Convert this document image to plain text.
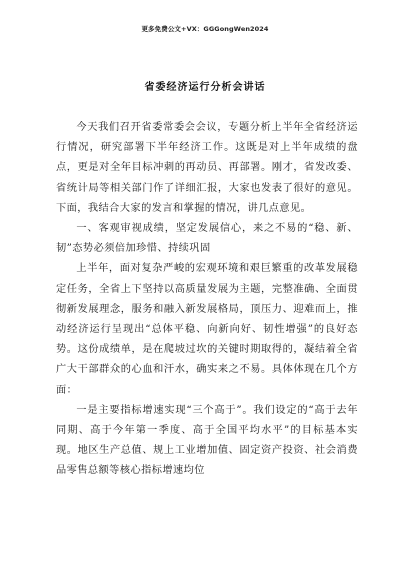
更多免费公文+VX：GGGongWen2024
省委经济运行分析会讲话

今天我们召开省委常委会会议，专题分析上半年全省经济运行情况，研究部署下半年经济工作。这既是对上半年成绩的盘点，更是对全年目标冲刺的再动员、再部署。刚才，省发改委、省统计局等相关部门作了详细汇报，大家也发表了很好的意见。下面，我结合大家的发言和掌握的情况，讲几点意见。

一、客观审视成绩，坚定发展信心，来之不易的“稳、新、韧”态势必须倍加珍惜、持续巩固

上半年，面对复杂严峻的宏观环境和艰巨繁重的改革发展稳定任务，全省上下坚持以高质量发展为主题，完整准确、全面贯彻新发展理念，服务和融入新发展格局，顶压力、迎难而上，推动经济运行呈现出“总体平稳、向新向好、韧性增强”的良好态势。这份成绩单，是在爬坡过坎的关键时期取得的，凝结着全省广大干部群众的心血和汗水，确实来之不易。具体体现在几个方面：

一是主要指标增速实现“三个高于”。我们设定的“高于去年同期、高于今年第一季度、高于全国平均水平”的目标基本实现。地区生产总值、规上工业增加值、固定资产投资、社会消费品零售总额等核心指标增速均位
